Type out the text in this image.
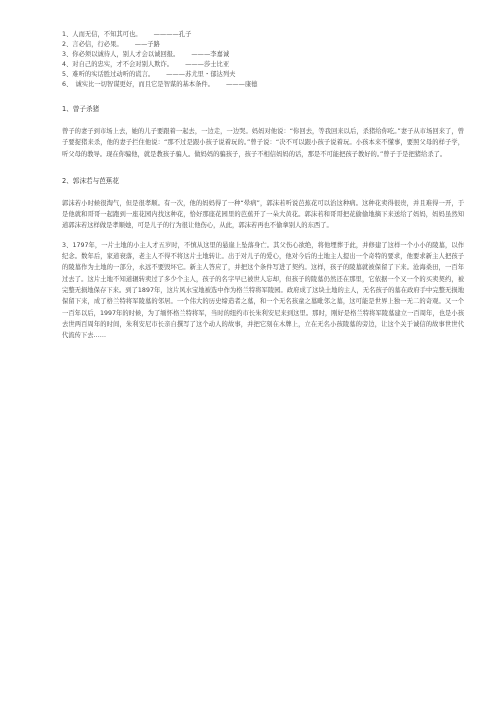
1、人而无信，不知其可也。 ————孔子
2、言必信，行必果。 ——子路
3、你必须以诚待人，别人才会以诚回报。 ———李嘉诚
4、对自己的忠实，才不会对别人欺诈。 ———莎士比亚
5、难听的实话胜过动听的谎言。 ———苏尤里・郁达列夫
6、　诚实比一切智谋更好，而且它是智谋的基本条件。 ———康德
1、曾子杀猪

曾子的妻子到市场上去，她的儿子要跟着一起去，一边走，一边哭。妈妈对他说：“你回去，等我回来以后，杀猪给你吃。”妻子从市场回来了，曾子要捉猪来杀，他的妻子拦住他说：“那不过是跟小孩子说着玩的。”曾子说：“决不可以跟小孩子说着玩。小孩本来不懂事，要照父母的样子学，听父母的教导。现在你骗他，就是教孩子骗人。做妈妈的骗孩子，孩子不相信妈妈的话，那是不可能把孩子教好的。”曾子于是把猪给杀了。

2、郭沫若与芭蕉花

郭沫若小时候很淘气，但是很孝顺。有一次，他的妈妈得了一种“晕病”，郭沫若听说芭蕉花可以治这种病。这种花卖得很贵，并且难得一开，于是他就和哥哥一起跑到一座花园内找这种花，恰好那座花园里的芭蕉开了一朵大黄花。郭沫若和哥哥把花偷偷地摘下来送给了妈妈，妈妈虽然知道郭沫若这样做是孝顺她，可是儿子的行为很让他伤心，从此，郭沫若再也不偷拿别人的东西了。

3、1797年，一片土地的小主人才五岁时，不慎从这里的悬崖上坠落身亡。其父伤心欲绝，将他埋葬于此，并修建了这样一个小小的陵墓，以作纪念。数年后，家道衰落，老主人不得不将这片土地转让。出于对儿子的爱心，他对今后的土地主人提出一个奇特的要求，他要求新主人把孩子的陵墓作为土地的一部分，永远不要毁坏它。新主人答应了，并把这个条件写进了契约。这样，孩子的陵墓就被保留了下来。沧海桑田，一百年过去了。这片土地不知道辗转卖过了多少个主人，孩子的名字早已被世人忘却，但孩子的陵墓仍然还在那里，它依据一个又一个的买卖契约，被完整无损地保存下来。到了1897年，这片风水宝地被选中作为格兰特将军陵园。政府成了这块土地的主人，无名孩子的墓在政府手中完整无损地保留下来，成了格兰特将军陵墓的邻居。一个伟大的历史缔造者之墓，和一个无名孩童之墓毗邻之墓，这可能是世界上独一无二的奇观。又一个一百年以后，1997年的时候，为了缅怀格兰特将军，当时的纽约市长朱利安尼来到这里。那时，刚好是格兰特将军陵墓建立一百周年，也是小孩去世两百周年的时间，朱利安尼市长亲自撰写了这个动人的故事，并把它刻在木牌上，立在无名小孩陵墓的旁边，让这个关于诚信的故事世世代代流传下去……
